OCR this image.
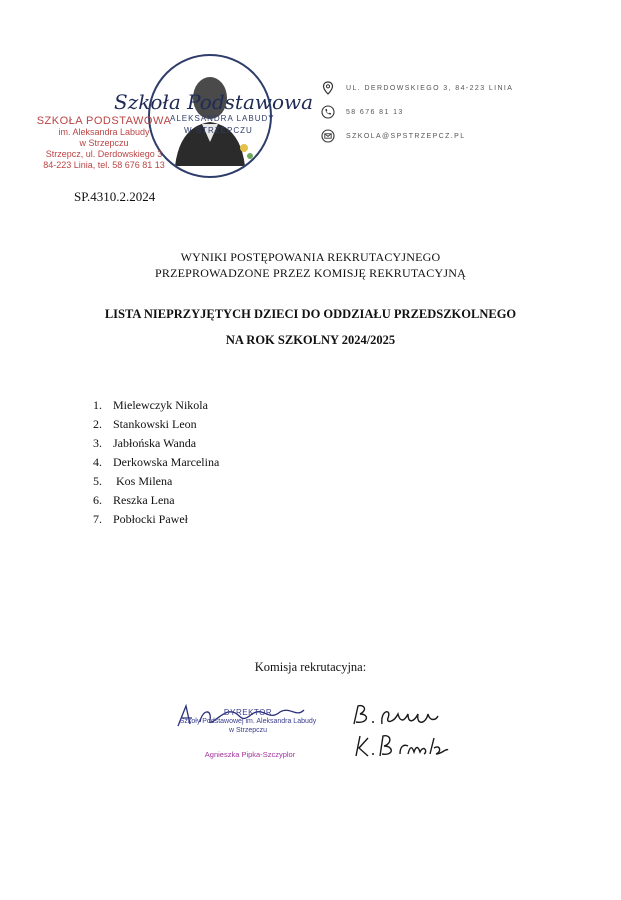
Szkoła Podstawowa
ALEKSANDRA LABUDY
W STRZEPCZU
SZKOŁA PODSTAWOWA
im. Aleksandra Labudy
w Strzepczu
Strzepcz, ul. Derdowskiego 3
84-223 Linia, tel. 58 676 81 13
UL. DERDOWSKIEGO 3, 84-223 LINIA
58 676 81 13
SZKOLA@SPSTRZEPCZ.PL
SP.4310.2.2024
WYNIKI POSTĘPOWANIA REKRUTACYJNEGO
PRZEPROWADZONE PRZEZ KOMISJĘ REKRUTACYJNĄ
LISTA NIEPRZYJĘTYCH DZIECI DO ODDZIAŁU PRZEDSZKOLNEGO
NA ROK SZKOLNY 2024/2025
1. Mielewczyk Nikola
2. Stankowski Leon
3. Jabłońska Wanda
4. Derkowska Marcelina
5.	Kos Milena
6. Reszka Lena
7. Pobłocki Paweł
Komisja rekrutacyjna:
DYREKTOR
Szkoły Podstawowej im. Aleksandra Labudy
w Strzepczu
Agnieszka Pipka-Szczyplor
